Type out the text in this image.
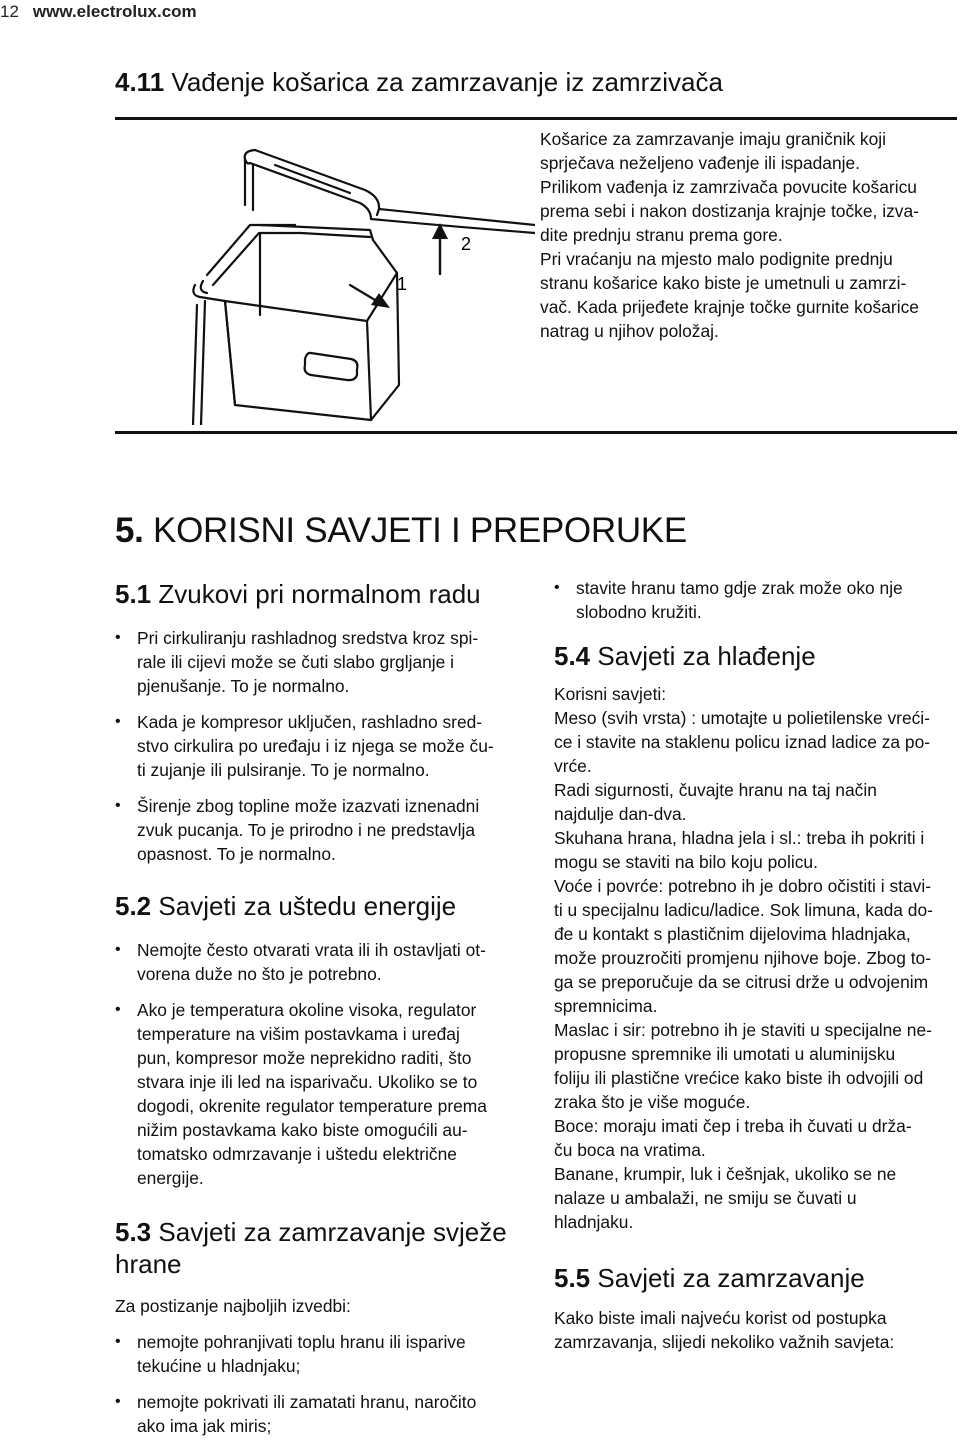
12 www.electrolux.com
4.11 Vađenje košarica za zamrzavanje iz zamrzivača
1
2

Košarice za zamrzavanje imaju graničnik koji

sprječava neželjeno vađenje ili ispadanje.

Prilikom vađenja iz zamrzivača povucite košaricu

prema sebi i nakon dostizanja krajnje točke, izva-

dite prednju stranu prema gore.

Pri vraćanju na mjesto malo podignite prednju

stranu košarice kako biste je umetnuli u zamrzi-

vač. Kada prijeđete krajnje točke gurnite košarice

natrag u njihov položaj.

5. KORISNI SAVJETI I PREPORUKE
5.1 Zvukovi pri normalnom radu
• Pri cirkuliranju rashladnog sredstva kroz spi-
rale ili cijevi može se čuti slabo grgljanje i
pjenušanje. To je normalno.
• Kada je kompresor uključen, rashladno sred-
stvo cirkulira po uređaju i iz njega se može ču-
ti zujanje ili pulsiranje. To je normalno.
• Širenje zbog topline može izazvati iznenadni
zvuk pucanja. To je prirodno i ne predstavlja
opasnost. To je normalno.
5.2 Savjeti za uštedu energije
• Nemojte često otvarati vrata ili ih ostavljati ot-
vorena duže no što je potrebno.
• Ako je temperatura okoline visoka, regulator
temperature na višim postavkama i uređaj
pun, kompresor može neprekidno raditi, što
stvara inje ili led na isparivaču. Ukoliko se to
dogodi, okrenite regulator temperature prema
nižim postavkama kako biste omogućili au-
tomatsko odmrzavanje i uštedu električne
energije.
5.3 Savjeti za zamrzavanje svježe
hrane
Za postizanje najboljih izvedbi:
• nemojte pohranjivati toplu hranu ili isparive
tekućine u hladnjaku;
• nemojte pokrivati ili zamatati hranu, naročito
ako ima jak miris;
• stavite hranu tamo gdje zrak može oko nje
slobodno kružiti.
5.4 Savjeti za hlađenje

Korisni savjeti:

Meso (svih vrsta) : umotajte u polietilenske vreći-

ce i stavite na staklenu policu iznad ladice za po-

vrće.

Radi sigurnosti, čuvajte hranu na taj način

najdulje dan-dva.

Skuhana hrana, hladna jela i sl.: treba ih pokriti i

mogu se staviti na bilo koju policu.

Voće i povrće: potrebno ih je dobro očistiti i stavi-

ti u specijalnu ladicu/ladice. Sok limuna, kada do-

đe u kontakt s plastičnim dijelovima hladnjaka,

može prouzročiti promjenu njihove boje. Zbog to-

ga se preporučuje da se citrusi drže u odvojenim

spremnicima.

Maslac i sir: potrebno ih je staviti u specijalne ne-

propusne spremnike ili umotati u aluminijsku

foliju ili plastične vrećice kako biste ih odvojili od

zraka što je više moguće.

Boce: moraju imati čep i treba ih čuvati u drža-

ču boca na vratima.

Banane, krumpir, luk i češnjak, ukoliko se ne

nalaze u ambalaži, ne smiju se čuvati u

hladnjaku.

5.5 Savjeti za zamrzavanje

Kako biste imali najveću korist od postupka

zamrzavanja, slijedi nekoliko važnih savjeta:
